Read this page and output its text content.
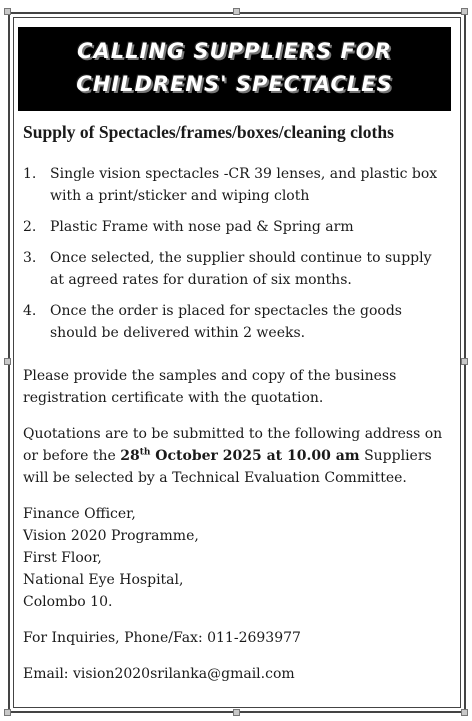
CALLING SUPPLIERS FOR
CHILDRENS' SPECTACLES
Supply of Spectacles/frames/boxes/cleaning cloths
1. Single vision spectacles -CR 39 lenses, and plastic box with a print/sticker and wiping cloth
2. Plastic Frame with nose pad & Spring arm
3. Once selected, the supplier should continue to supply at agreed rates for duration of six months.
4. Once the order is placed for spectacles the goods should be delivered within 2 weeks.

Please provide the samples and copy of the business registration certificate with the quotation.

Quotations are to be submitted to the following address on or before the 28th October 2025 at 10.00 am Suppliers will be selected by a Technical Evaluation Committee.

Finance Officer,
Vision 2020 Programme,
First Floor,
National Eye Hospital,
Colombo 10.

For Inquiries, Phone/Fax: 011-2693977

Email: vision2020srilanka@gmail.com
